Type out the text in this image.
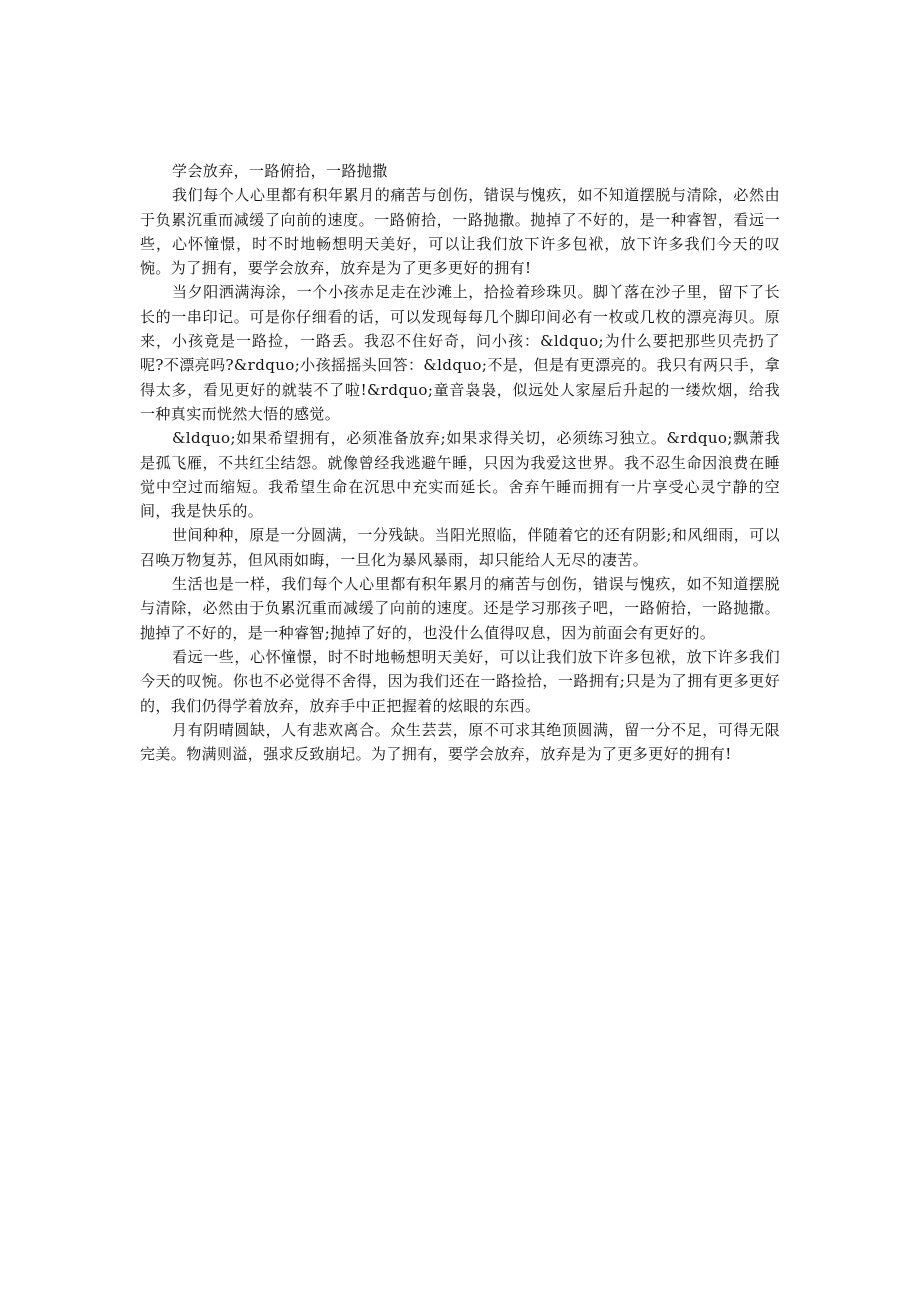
学会放弃，一路俯拾，一路抛撒

我们每个人心里都有积年累月的痛苦与创伤，错误与愧疚，如不知道摆脱与清除，必然由于负累沉重而减缓了向前的速度。一路俯拾，一路抛撒。抛掉了不好的，是一种睿智，看远一些，心怀憧憬，时不时地畅想明天美好，可以让我们放下许多包袱，放下许多我们今天的叹惋。为了拥有，要学会放弃，放弃是为了更多更好的拥有!

当夕阳洒满海涂，一个小孩赤足走在沙滩上，拾捡着珍珠贝。脚丫落在沙子里，留下了长长的一串印记。可是你仔细看的话，可以发现每每几个脚印间必有一枚或几枚的漂亮海贝。原来，小孩竟是一路捡，一路丢。我忍不住好奇，问小孩：&ldquo;为什么要把那些贝壳扔了呢?不漂亮吗?&rdquo;小孩摇摇头回答：&ldquo;不是，但是有更漂亮的。我只有两只手，拿得太多，看见更好的就装不了啦!&rdquo;童音袅袅，似远处人家屋后升起的一缕炊烟，给我一种真实而恍然大悟的感觉。

&ldquo;如果希望拥有，必须准备放弃;如果求得关切，必须练习独立。&rdquo;飘萧我是孤飞雁，不共红尘结怨。就像曾经我逃避午睡，只因为我爱这世界。我不忍生命因浪费在睡觉中空过而缩短。我希望生命在沉思中充实而延长。舍弃午睡而拥有一片享受心灵宁静的空间，我是快乐的。

世间种种，原是一分圆满，一分残缺。当阳光照临，伴随着它的还有阴影;和风细雨，可以召唤万物复苏，但风雨如晦，一旦化为暴风暴雨，却只能给人无尽的凄苦。

生活也是一样，我们每个人心里都有积年累月的痛苦与创伤，错误与愧疚，如不知道摆脱与清除，必然由于负累沉重而减缓了向前的速度。还是学习那孩子吧，一路俯拾，一路抛撒。抛掉了不好的，是一种睿智;抛掉了好的，也没什么值得叹息，因为前面会有更好的。

看远一些，心怀憧憬，时不时地畅想明天美好，可以让我们放下许多包袱，放下许多我们今天的叹惋。你也不必觉得不舍得，因为我们还在一路捡拾，一路拥有;只是为了拥有更多更好的，我们仍得学着放弃，放弃手中正把握着的炫眼的东西。

月有阴晴圆缺，人有悲欢离合。众生芸芸，原不可求其绝顶圆满，留一分不足，可得无限完美。物满则溢，强求反致崩圮。为了拥有，要学会放弃，放弃是为了更多更好的拥有!
